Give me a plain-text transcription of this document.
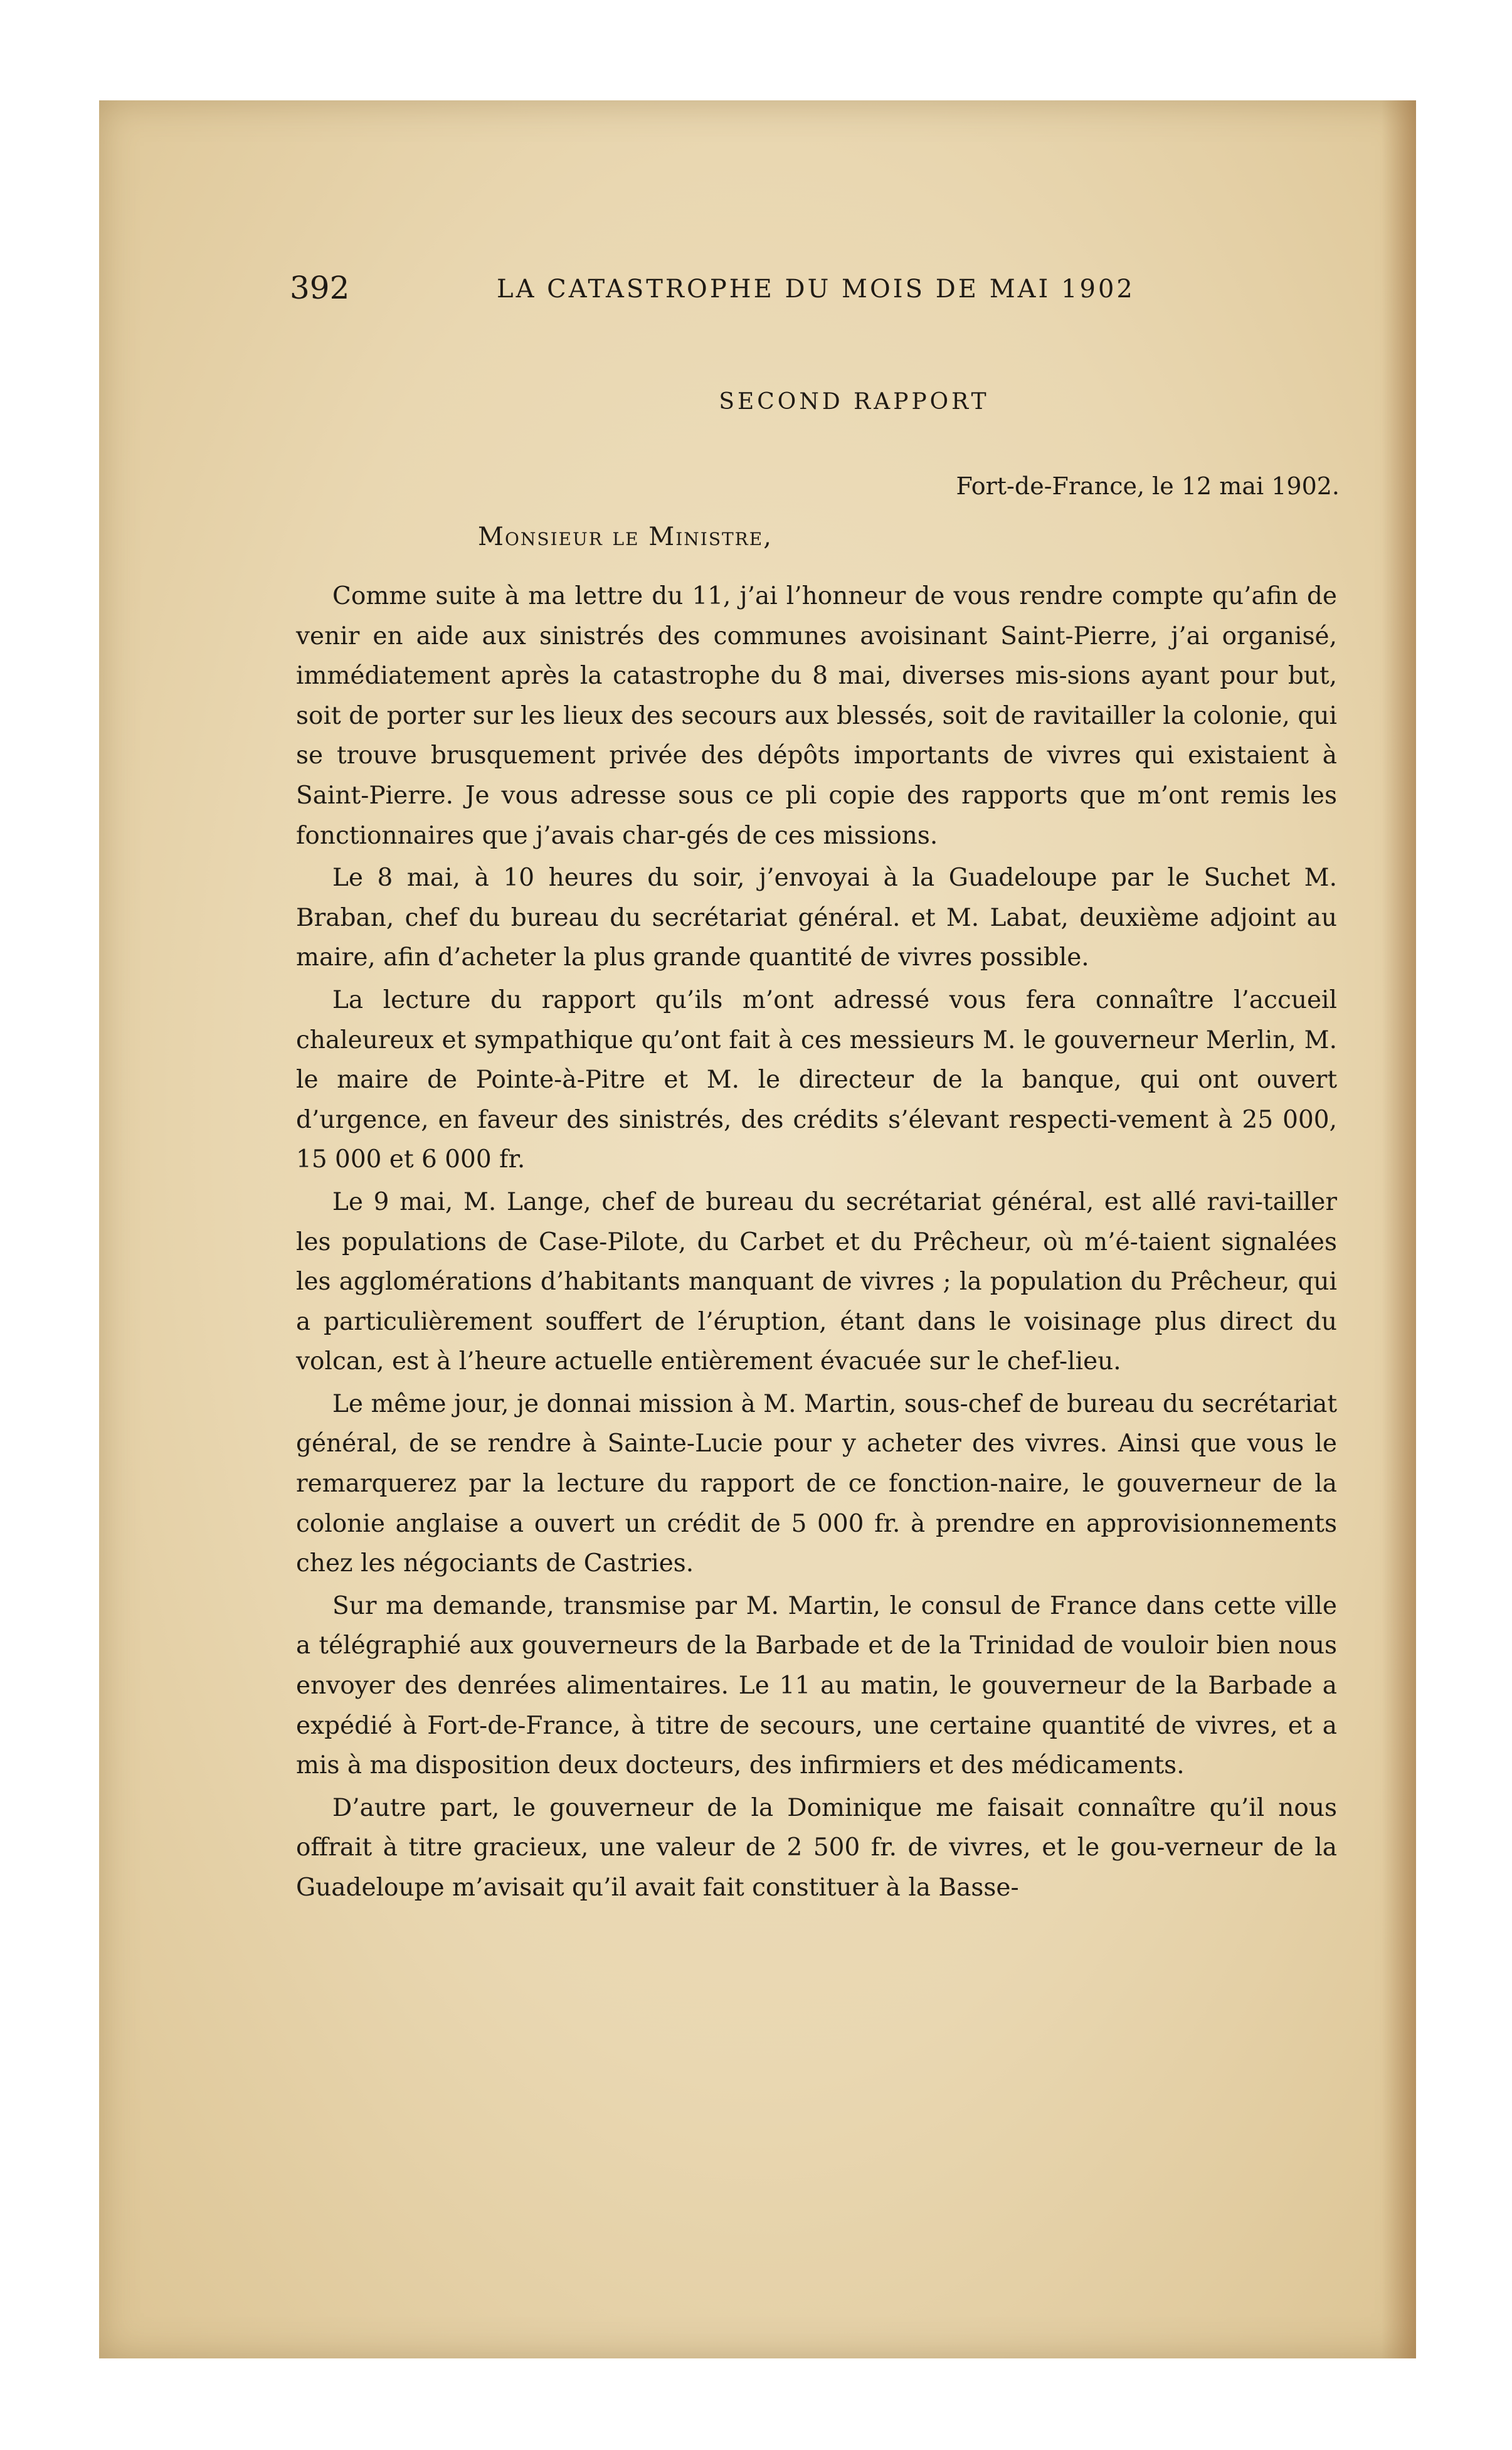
392	LA CATASTROPHE DU MOIS DE MAI 1902
SECOND RAPPORT
Fort-de-France, le 12 mai 1902.
Monsieur le Ministre,

Comme suite à ma lettre du 11, j’ai l’honneur de vous rendre compte qu’afin de venir en aide aux sinistrés des communes avoisinant Saint-Pierre, j’ai organisé, immédiatement après la catastrophe du 8 mai, diverses mis-sions ayant pour but, soit de porter sur les lieux des secours aux blessés, soit de ravitailler la colonie, qui se trouve brusquement privée des dépôts importants de vivres qui existaient à Saint-Pierre. Je vous adresse sous ce pli copie des rapports que m’ont remis les fonctionnaires que j’avais char-gés de ces missions.

Le 8 mai, à 10 heures du soir, j’envoyai à la Guadeloupe par le Suchet M. Braban, chef du bureau du secrétariat général. et M. Labat, deuxième adjoint au maire, afin d’acheter la plus grande quantité de vivres possible.

La lecture du rapport qu’ils m’ont adressé vous fera connaître l’accueil chaleureux et sympathique qu’ont fait à ces messieurs M. le gouverneur Merlin, M. le maire de Pointe-à-Pitre et M. le directeur de la banque, qui ont ouvert d’urgence, en faveur des sinistrés, des crédits s’élevant respecti-vement à 25 000, 15 000 et 6 000 fr.

Le 9 mai, M. Lange, chef de bureau du secrétariat général, est allé ravi-tailler les populations de Case-Pilote, du Carbet et du Prêcheur, où m’é-taient signalées les agglomérations d’habitants manquant de vivres ; la population du Prêcheur, qui a particulièrement souffert de l’éruption, étant dans le voisinage plus direct du volcan, est à l’heure actuelle entièrement évacuée sur le chef-lieu.

Le même jour, je donnai mission à M. Martin, sous-chef de bureau du secrétariat général, de se rendre à Sainte-Lucie pour y acheter des vivres. Ainsi que vous le remarquerez par la lecture du rapport de ce fonction-naire, le gouverneur de la colonie anglaise a ouvert un crédit de 5 000 fr. à prendre en approvisionnements chez les négociants de Castries.

Sur ma demande, transmise par M. Martin, le consul de France dans cette ville a télégraphié aux gouverneurs de la Barbade et de la Trinidad de vouloir bien nous envoyer des denrées alimentaires. Le 11 au matin, le gouverneur de la Barbade a expédié à Fort-de-France, à titre de secours, une certaine quantité de vivres, et a mis à ma disposition deux docteurs, des infirmiers et des médicaments.

D’autre part, le gouverneur de la Dominique me faisait connaître qu’il nous offrait à titre gracieux, une valeur de 2 500 fr. de vivres, et le gou-verneur de la Guadeloupe m’avisait qu’il avait fait constituer à la Basse-
